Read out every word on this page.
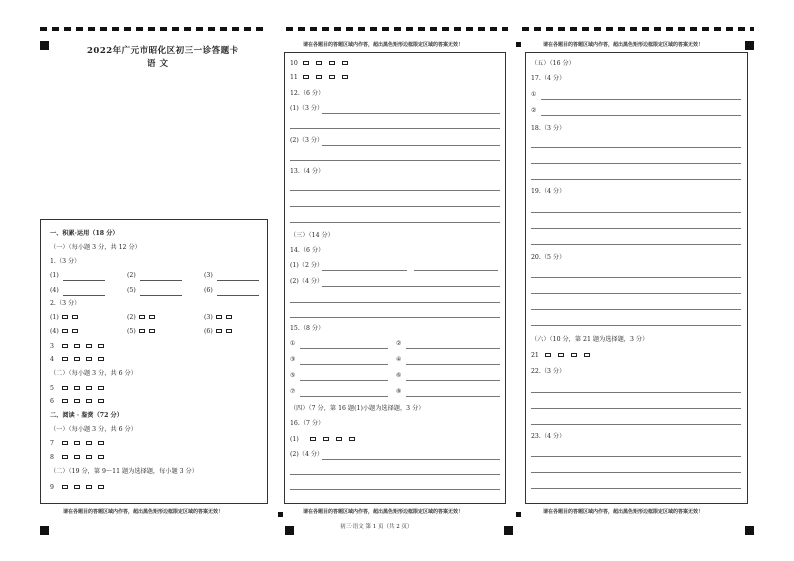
2022年广元市昭化区初三一诊答题卡
语 文
请在各题目的答题区域内作答，超出黑色矩形边框限定区域的答案无效！
一、积累·运用（18 分）
（一）（每小题 3 分，共 12 分）
1.（3 分）
(1)	(2)	(3)
(4)	(5)	(6)
2.（3 分）
(1)	(2)	(3)
(4)	(5)	(6)
3
4
（二）（每小题 3 分，共 6 分）
5
6
二、阅读 · 鉴赏（72 分）
（一）（每小题 3 分，共 6 分）
7
8
（二）（19 分，第 9～11 题为选择题，每小题 3 分）
9
请在各题目的答题区域内作答，超出黑色矩形边框限定区域的答案无效！
请在各题目的答题区域内作答，超出黑色矩形边框限定区域的答案无效！
初三·语文 第 1 页（共 2 页）
10
11
12.（6 分）
(1)（3 分）
(2)（3 分）
13.（4 分）
（三）（14 分）
14.（6 分）
(1)（2 分）
(2)（4 分）
15.（8 分）
①	②
③	④
⑤	⑥
⑦	⑧
（四）（7 分，第 16 题(1)小题为选择题，3 分）
16.（7 分）
(1)
(2)（4 分）
请在各题目的答题区域内作答，超出黑色矩形边框限定区域的答案无效！
请在各题目的答题区域内作答，超出黑色矩形边框限定区域的答案无效！
（五）（16 分）
17.（4 分）
①
②
18.（3 分）
19.（4 分）
20.（5 分）
（六）（10 分，第 21 题为选择题，3 分）
21
22.（3 分）
23.（4 分）
